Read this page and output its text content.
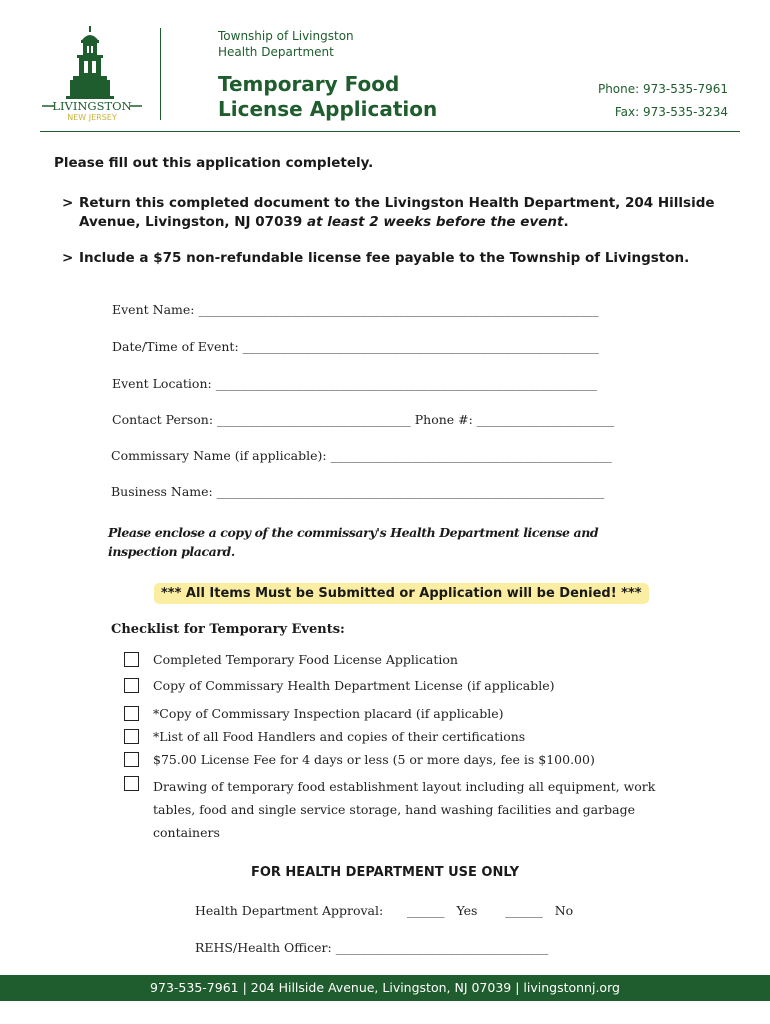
LIVINGSTON
NEW JERSEY
Township of Livingston
Health Department
Temporary Food License Application
Phone: 973-535-7961
Fax: 973-535-3234
Please fill out this application completely.
> Return this completed document to the Livingston Health Department, 204 Hillside Avenue, Livingston, NJ 07039 at least 2 weeks before the event.
> Include a $75 non-refundable license fee payable to the Township of Livingston.
Event Name: ________________________________________________________________
Date/Time of Event: _________________________________________________________
Event Location: _____________________________________________________________
Contact Person: _______________________________ Phone #: ______________________
Commissary Name (if applicable): _____________________________________________
Business Name: ______________________________________________________________
Please enclose a copy of the commissary's Health Department license and inspection placard.
*** All Items Must be Submitted or Application will be Denied! ***
Checklist for Temporary Events:
Completed Temporary Food License Application
Copy of Commissary Health Department License (if applicable)
*Copy of Commissary Inspection placard (if applicable)
*List of all Food Handlers and copies of their certifications
$75.00 License Fee for 4 days or less (5 or more days, fee is $100.00)
Drawing of temporary food establishment layout including all equipment, work tables, food and single service storage, hand washing facilities and garbage containers
FOR HEALTH DEPARTMENT USE ONLY
Health Department Approval:      ______   Yes       ______   No
REHS/Health Officer: __________________________________
973-535-7961 | 204 Hillside Avenue, Livingston, NJ 07039 | livingstonnj.org
